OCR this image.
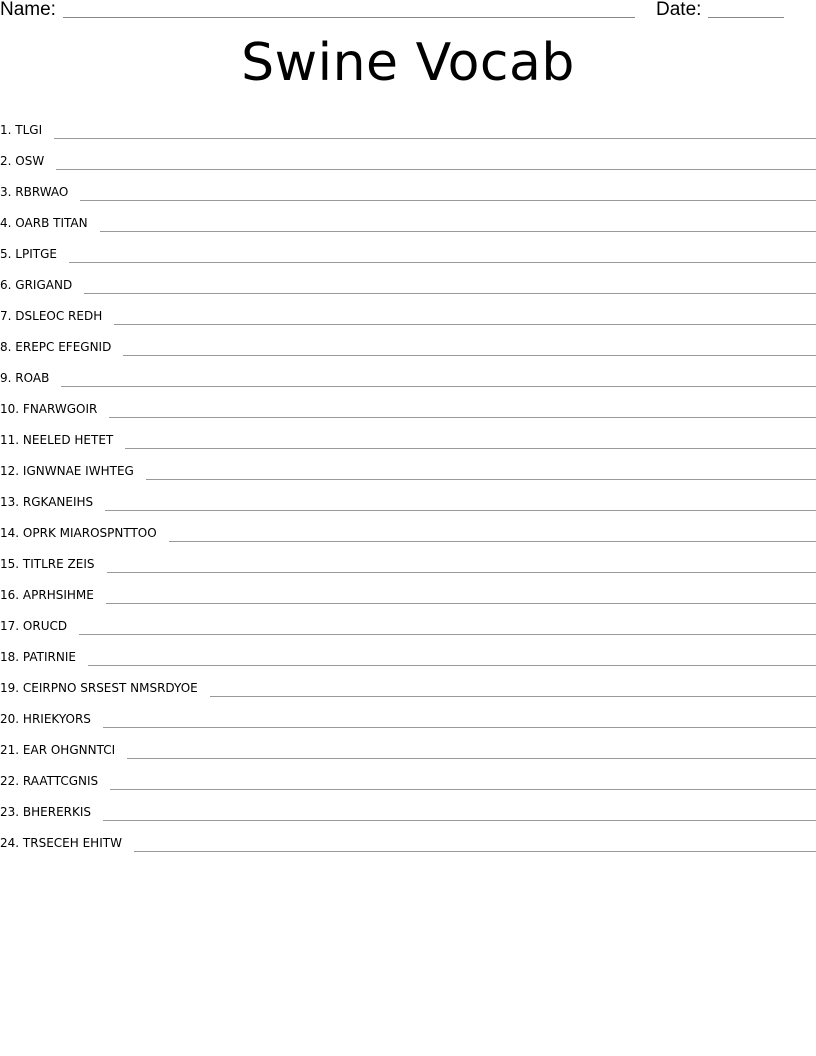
Name:	Date:
Swine Vocab
1. TLGI
2. OSW
3. RBRWAO
4. OARB TITAN
5. LPITGE
6. GRIGAND
7. DSLEOC REDH
8. EREPC EFEGNID
9. ROAB
10. FNARWGOIR
11. NEELED HETET
12. IGNWNAE IWHTEG
13. RGKANEIHS
14. OPRK MIAROSPNTTOO
15. TITLRE ZEIS
16. APRHSIHME
17. ORUCD
18. PATIRNIE
19. CEIRPNO SRSEST NMSRDYOE
20. HRIEKYORS
21. EAR OHGNNTCI
22. RAATTCGNIS
23. BHERERKIS
24. TRSECEH EHITW
